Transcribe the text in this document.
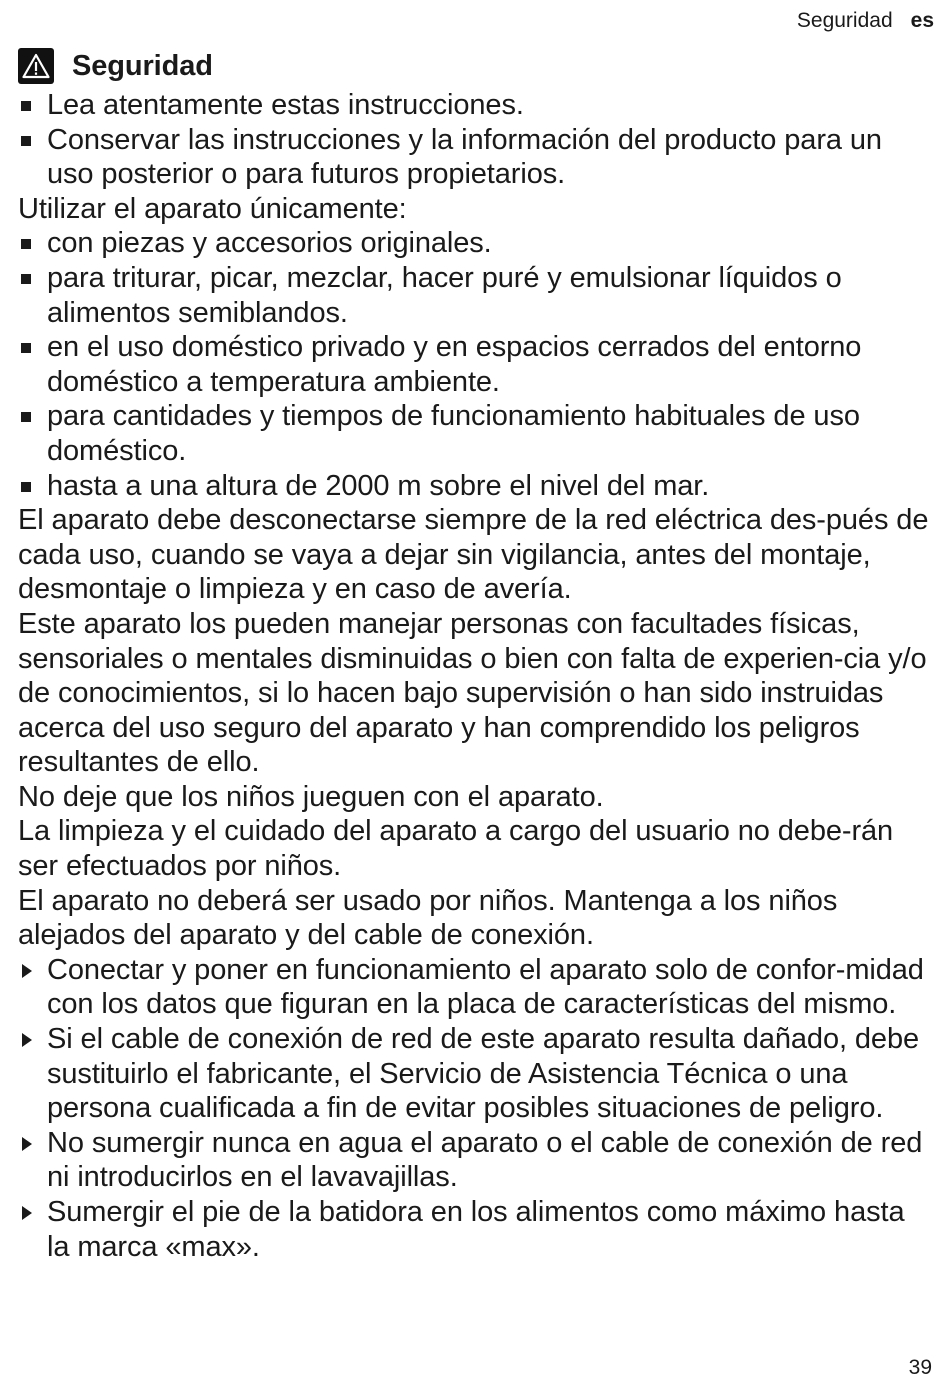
Seguridad es
Seguridad
Lea atentamente estas instrucciones.
Conservar las instrucciones y la información del producto para un uso posterior o para futuros propietarios.
Utilizar el aparato únicamente:
con piezas y accesorios originales.
para triturar, picar, mezclar, hacer puré y emulsionar líquidos o alimentos semiblandos.
en el uso doméstico privado y en espacios cerrados del entorno doméstico a temperatura ambiente.
para cantidades y tiempos de funcionamiento habituales de uso doméstico.
hasta a una altura de 2000 m sobre el nivel del mar.
El aparato debe desconectarse siempre de la red eléctrica des-pués de cada uso, cuando se vaya a dejar sin vigilancia, antes del montaje, desmontaje o limpieza y en caso de avería.
Este aparato los pueden manejar personas con facultades físicas, sensoriales o mentales disminuidas o bien con falta de experien-cia y/o de conocimientos, si lo hacen bajo supervisión o han sido instruidas acerca del uso seguro del aparato y han comprendido los peligros resultantes de ello.
No deje que los niños jueguen con el aparato.
La limpieza y el cuidado del aparato a cargo del usuario no debe-rán ser efectuados por niños.
El aparato no deberá ser usado por niños. Mantenga a los niños alejados del aparato y del cable de conexión.
Conectar y poner en funcionamiento el aparato solo de confor-midad con los datos que figuran en la placa de características del mismo.
Si el cable de conexión de red de este aparato resulta dañado, debe sustituirlo el fabricante, el Servicio de Asistencia Técnica o una persona cualificada a fin de evitar posibles situaciones de peligro.
No sumergir nunca en agua el aparato o el cable de conexión de red ni introducirlos en el lavavajillas.
Sumergir el pie de la batidora en los alimentos como máximo hasta la marca «max».
39
